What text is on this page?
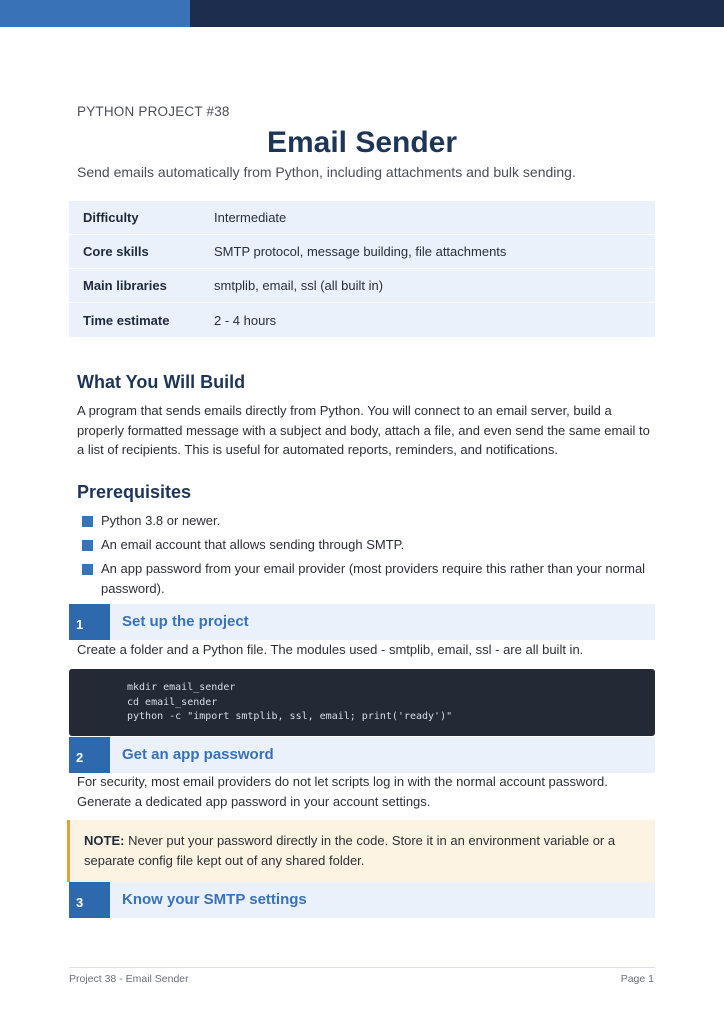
PYTHON PROJECT #38
Email Sender
Send emails automatically from Python, including attachments and bulk sending.
Difficulty	Intermediate
Core skills	SMTP protocol, message building, file attachments
Main libraries	smtplib, email, ssl (all built in)
Time estimate	2 - 4 hours
What You Will Build
A program that sends emails directly from Python. You will connect to an email server, build a properly formatted message with a subject and body, attach a file, and even send the same email to a list of recipients. This is useful for automated reports, reminders, and notifications.
Prerequisites
Python 3.8 or newer.
An email account that allows sending through SMTP.
An app password from your email provider (most providers require this rather than your normal password).
1	Set up the project
Create a folder and a Python file. The modules used - smtplib, email, ssl - are all built in.
mkdir email_sender
cd email_sender
python -c "import smtplib, ssl, email; print('ready')"
2	Get an app password
For security, most email providers do not let scripts log in with the normal account password. Generate a dedicated app password in your account settings.
NOTE: Never put your password directly in the code. Store it in an environment variable or a separate config file kept out of any shared folder.
3	Know your SMTP settings
Project 38 - Email Sender	Page 1
